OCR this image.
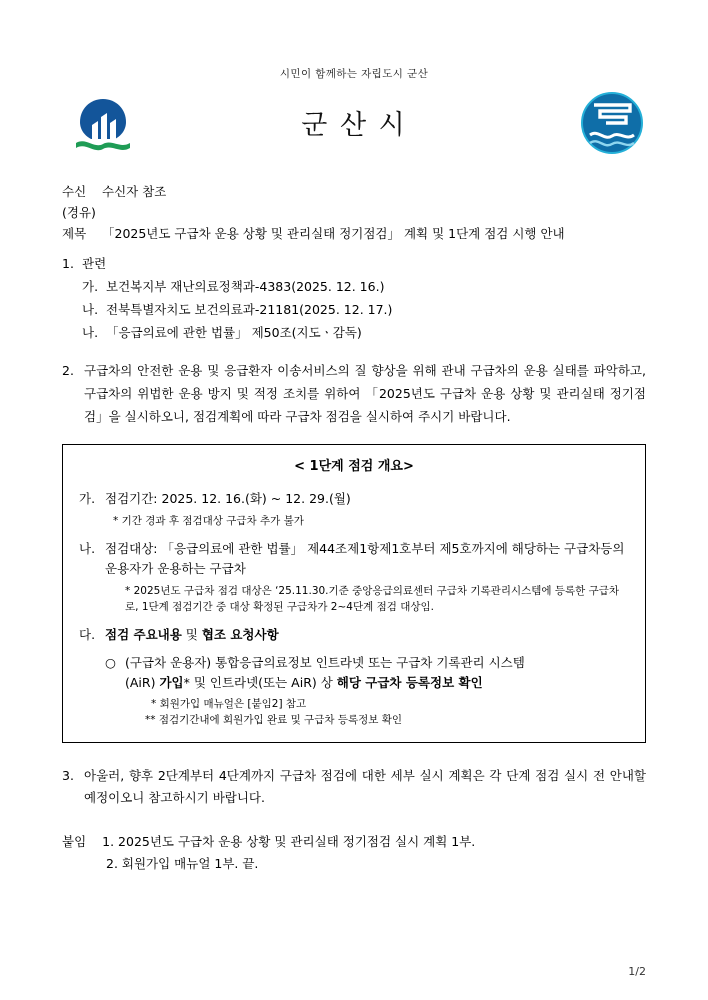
시민이 함께하는 자립도시 군산
군 산 시
수신	수신자 참조
(경유)
제목	「2025년도 구급차 운용 상황 및 관리실태 정기점검」 계획 및 1단계 점검 시행 안내
1. 관련
가. 보건복지부 재난의료정책과-4383(2025. 12. 16.)
나. 전북특별자치도 보건의료과-21181(2025. 12. 17.)
나. 「응급의료에 관한 법률」 제50조(지도ㆍ감독)
2. 구급차의 안전한 운용 및 응급환자 이송서비스의 질 향상을 위해 관내 구급차의 운용 실태를 파악하고, 구급차의 위법한 운용 방지 및 적정 조치를 위하여 「2025년도 구급차 운용 상황 및 관리실태 정기점검」을 실시하오니, 점검계획에 따라 구급차 점검을 실시하여 주시기 바랍니다.
< 1단계 점검 개요>
가. 점검기간: 2025. 12. 16.(화) ~ 12. 29.(월)
* 기간 경과 후 점검대상 구급차 추가 불가
나. 점검대상: 「응급의료에 관한 법률」 제44조제1항제1호부터 제5호까지에 해당하는 구급차등의 운용자가 운용하는 구급차
* 2025년도 구급차 점검 대상은 ‘25.11.30.기준 중앙응급의료센터 구급차 기록관리시스템에 등록한 구급차로, 1단계 점검기간 중 대상 확정된 구급차가 2~4단계 점검 대상임.
다. 점검 주요내용 및 협조 요청사항
○ (구급차 운용자) 통합응급의료정보 인트라넷 또는 구급차 기록관리 시스템
(AiR) 가입* 및 인트라넷(또는 AiR) 상 해당 구급차 등록정보 확인
* 회원가입 매뉴얼은 [붙임2] 참고
** 점검기간내에 회원가입 완료 및 구급차 등록정보 확인
3. 아울러, 향후 2단계부터 4단계까지 구급차 점검에 대한 세부 실시 계획은 각 단계 점검 실시 전 안내할 예정이오니 참고하시기 바랍니다.
붙임 1. 2025년도 구급차 운용 상황 및 관리실태 정기점검 실시 계획 1부.
2. 회원가입 매뉴얼 1부. 끝.
1/2
